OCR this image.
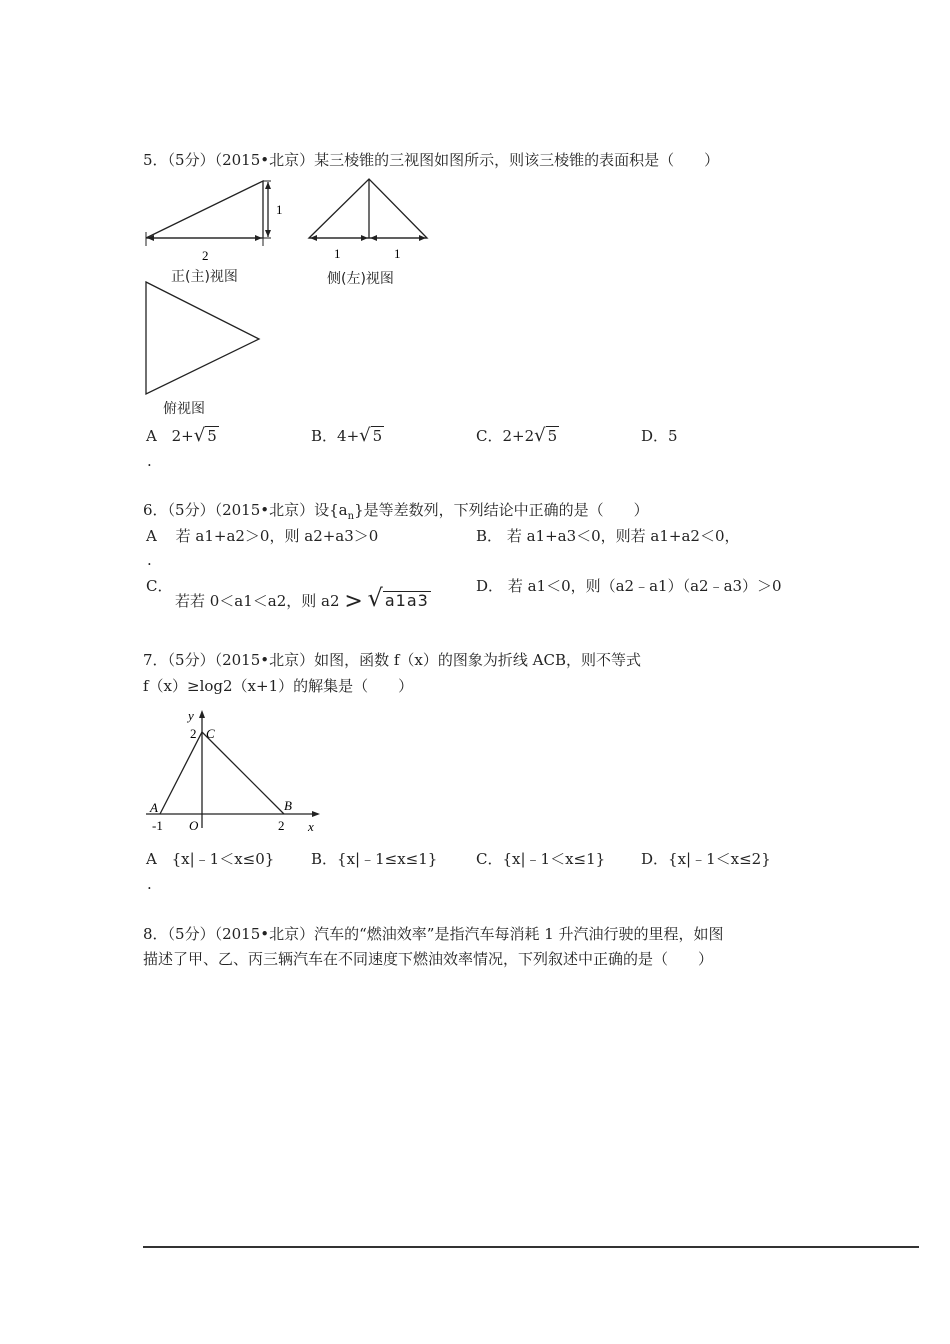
5．（5分）（2015•北京）某三棱锥的三视图如图所示，则该三棱锥的表面积是（　　）
1
2
正(主)视图
1	1
侧(左)视图
俯视图
A 2+√ 5
.
B．4+√ 5	C．2+2√ 5	D．5
6．（5分）（2015•北京）设$\{a_n\}$是等差数列，下列结论中正确的是（　　）
A 若 a1+a2＞0，则 a2+a3＞0
.
B． 若 a1+a3＜0，则若 a1+a2＜0，
C．
若若 0＜a1＜a2，则 a2 > √ a1a3
D． 若 a1＜0，则（a2﹣a1）（a2﹣a3）＞0
7．（5分）（2015•北京）如图，函数 f（x）的图象为折线 ACB，则不等式
f（x）≥log2（x+1）的解集是（　　）
y
2 C
A	B
-1 O	2 x
A {x|﹣1＜x≤0}
.
B．{x|﹣1≤x≤1}	C．{x|﹣1＜x≤1} D．{x|﹣1＜x≤2}
8．（5分）（2015•北京）汽车的“燃油效率”是指汽车每消耗 1 升汽油行驶的里程，如图
描述了甲、乙、丙三辆汽车在不同速度下燃油效率情况，下列叙述中正确的是（　　）
